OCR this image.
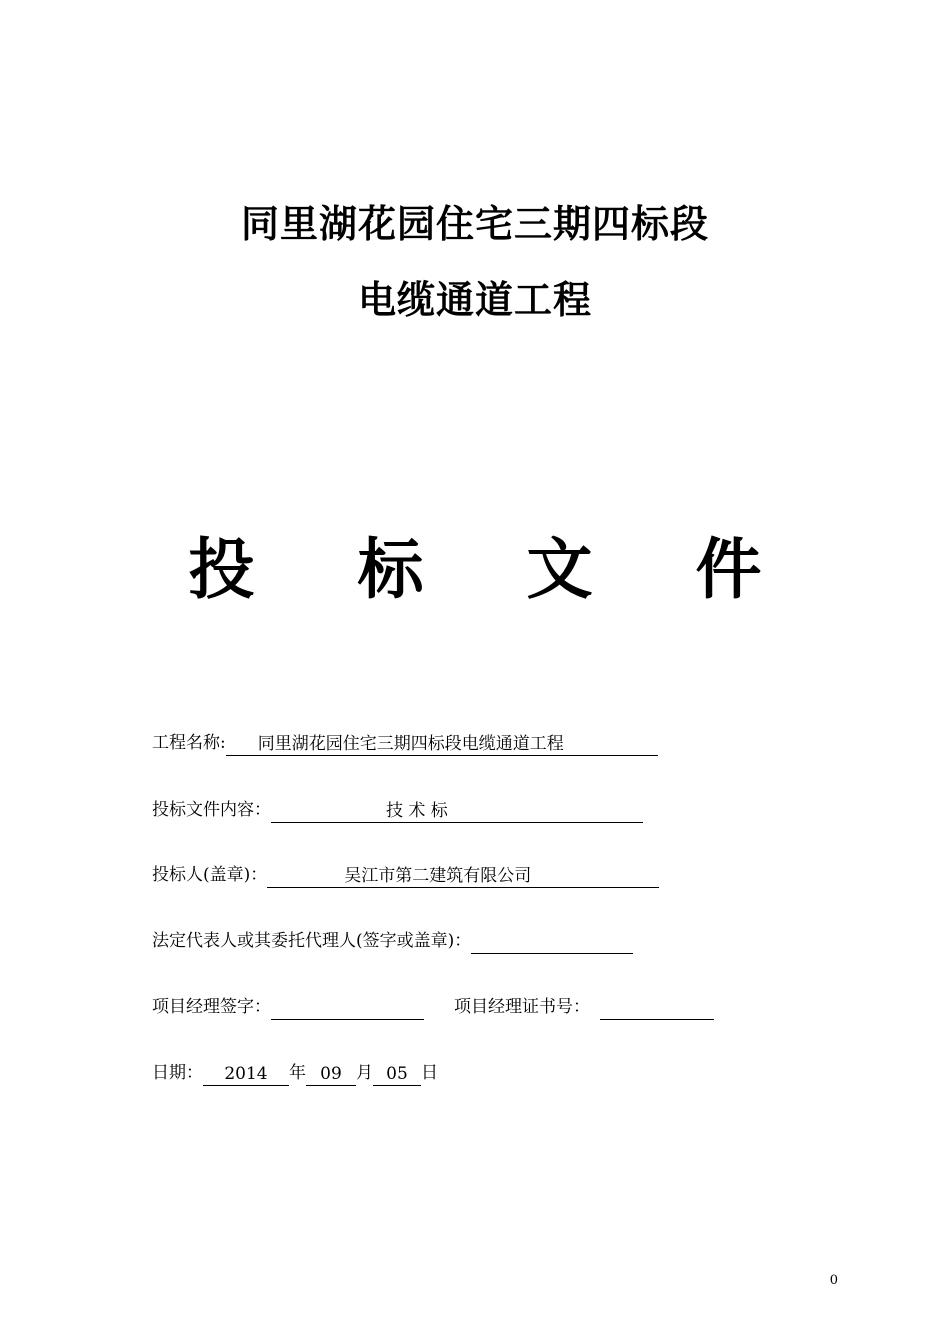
同里湖花园住宅三期四标段
电缆通道工程
投 标 文 件
工程名称: 同里湖花园住宅三期四标段电缆通道工程
投标文件内容：	技 术 标
投标人(盖章)：	吴江市第二建筑有限公司
法定代表人或其委托代理人(签字或盖章)：
项目经理签字：	项目经理证书号：
日期： 2014 年 09 月 05 日
0
